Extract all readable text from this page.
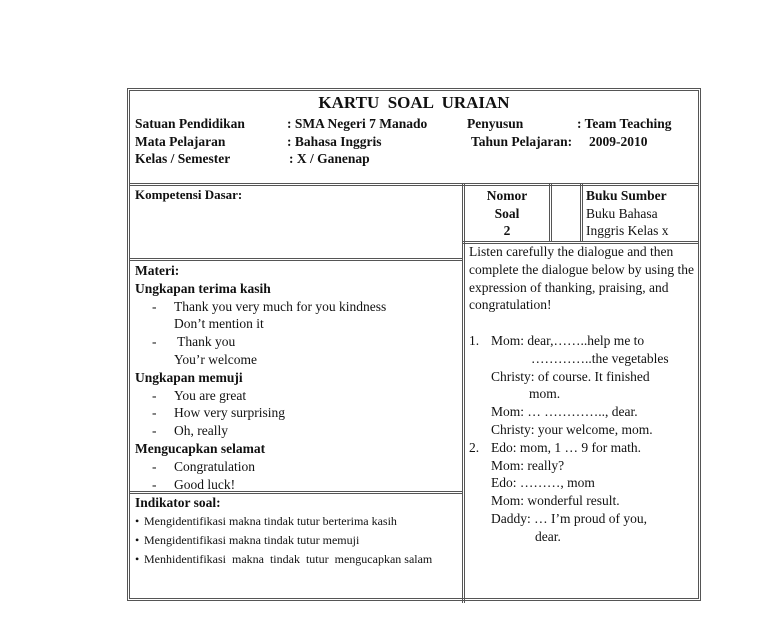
KARTU  SOAL  URAIAN
Satuan Pendidikan
Mata Pelajaran
Kelas / Semester
: SMA Negeri 7 Manado
: Bahasa Inggris
: X / Ganenap
Penyusun
Tahun Pelajaran:
: Team Teaching
2009-2010
Kompetensi Dasar:	Nomor
Soal
2
Buku Sumber
Buku Bahasa
Inggris Kelas x
Materi:
Ungkapan terima kasih
- Thank you very much for you kindness
Don’t mention it
- Thank you
You’r welcome
Ungkapan memuji
- You are great
- How very surprising
- Oh, really
Mengucapkan selamat
- Congratulation
- Good luck!
Indikator soal:
• Mengidentifikasi makna tindak tutur berterima kasih
• Mengidentifikasi makna tindak tutur memuji
• Menhidentifikasi  makna  tindak  tutur  mengucapkan salam
Listen carefully the dialogue and then complete the dialogue below by using the expression of thanking, praising, and congratulation!
1. Mom: dear,……..help me to
…………..the vegetables
Christy: of course. It finished
mom.
Mom: … ………….., dear.
Christy: your welcome, mom.
2. Edo: mom, 1 … 9 for math.
Mom: really?
Edo: ………, mom
Mom: wonderful result.
Daddy: … I’m proud of you,
dear.
